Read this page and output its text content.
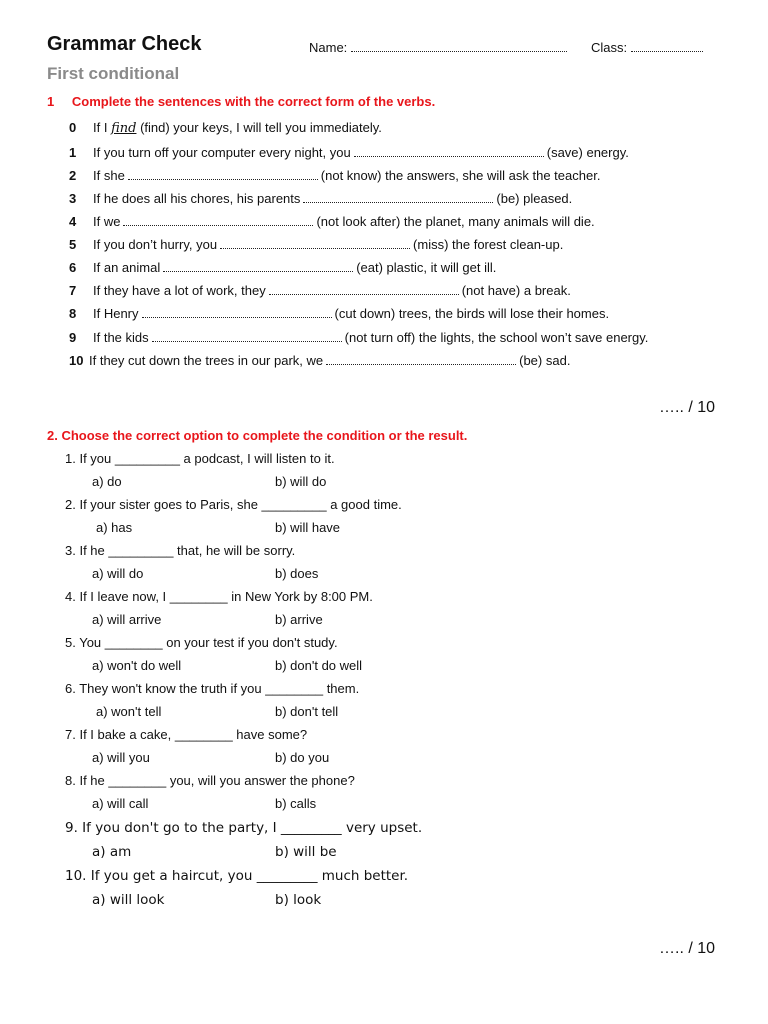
Grammar Check
First conditional
Name:	Class:
1 Complete the sentences with the correct form of the verbs.
0 If I find (find) your keys, I will tell you immediately.
1 If you turn off your computer every night, you	(save) energy.
2 If she	(not know) the answers, she will ask the teacher.
3 If he does all his chores, his parents	(be) pleased.
4 If we	(not look after) the planet, many animals will die.
5 If you don’t hurry, you	(miss) the forest clean-up.
6 If an animal	(eat) plastic, it will get ill.
7 If they have a lot of work, they	(not have) a break.
8 If Henry	(cut down) trees, the birds will lose their homes.
9 If the kids	(not turn off) the lights, the school won’t save energy.
10 If they cut down the trees in our park, we	(be) sad.
….. / 10
2. Choose the correct option to complete the condition or the result.
1. If you _________ a podcast, I will listen to it.
a) do	b) will do
2. If your sister goes to Paris, she _________ a good time.
a) has	b) will have
3. If he _________ that, he will be sorry.
a) will do	b) does
4. If I leave now, I ________ in New York by 8:00 PM.
a) will arrive	b) arrive
5. You ________ on your test if you don't study.
a) won't do well	b) don't do well
6. They won't know the truth if you ________ them.
a) won't tell	b) don't tell
7. If I bake a cake, ________ have some?
a) will you	b) do you
8. If he ________ you, will you answer the phone?
a) will call	b) calls
9. If you don't go to the party, I _________ very upset.
a) am	b) will be
10. If you get a haircut, you _________ much better.
a) will look	b) look
….. / 10
